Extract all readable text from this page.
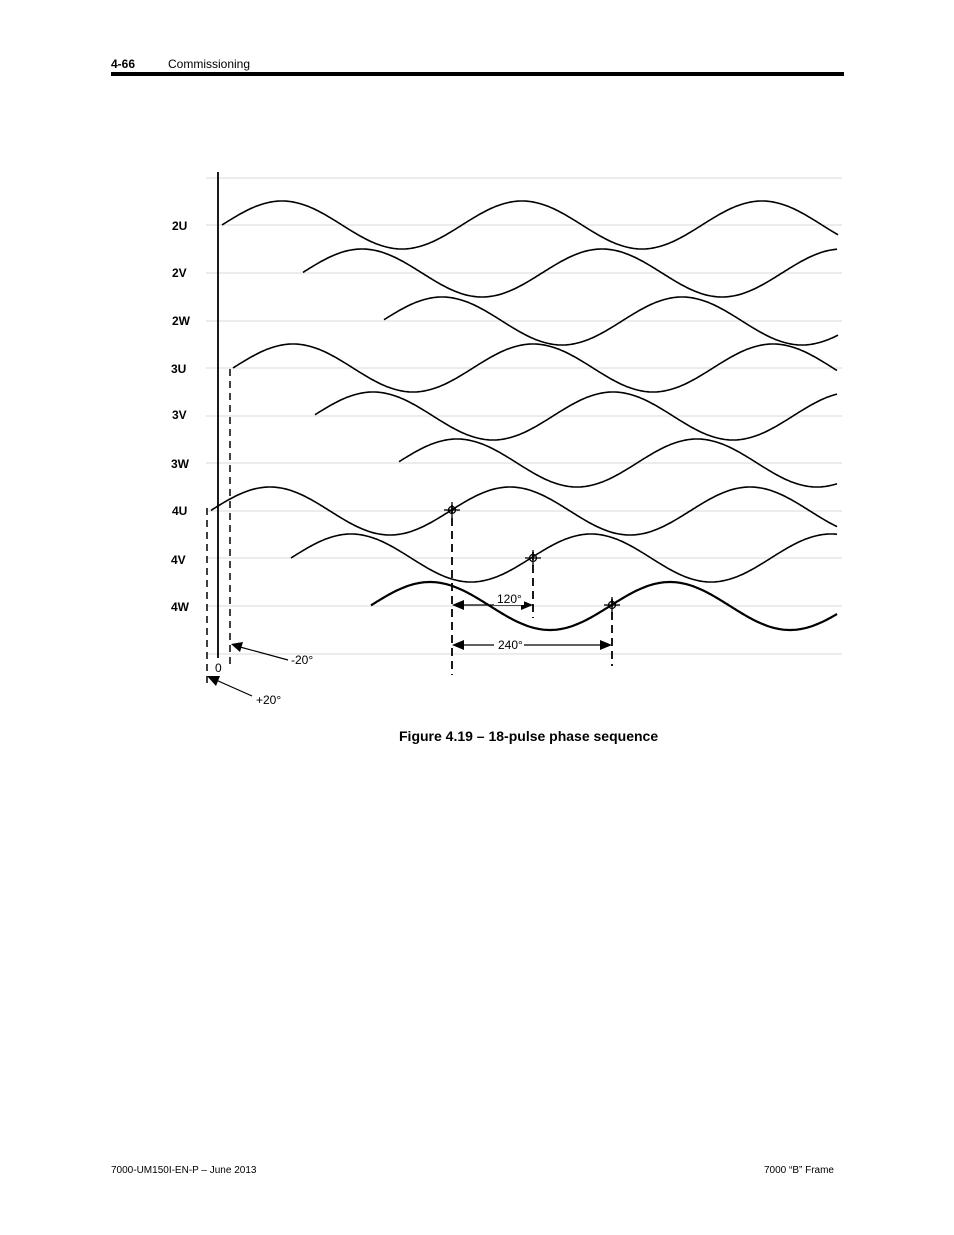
4-66	Commissioning
0
-20°
+20°
120°
240°
2U
2V
2W
3U
3V
3W
4U
4V
4W
Figure 4.19 – 18-pulse phase sequence
7000-UM150I-EN-P – June 2013	7000 “B” Frame
